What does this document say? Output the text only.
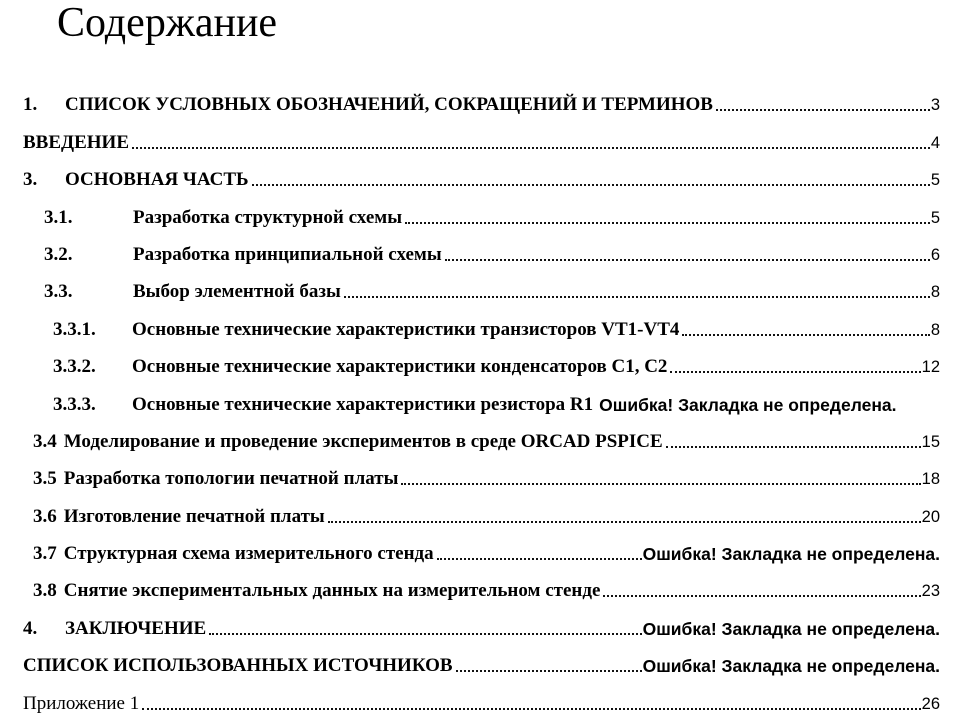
Содержание
1.	СПИСОК УСЛОВНЫХ ОБОЗНАЧЕНИЙ, СОКРАЩЕНИЙ И ТЕРМИНОВ	3
ВВЕДЕНИЕ	4
3.	ОСНОВНАЯ ЧАСТЬ	5
3.1.	Разработка структурной схемы	5
3.2.	Разработка принципиальной схемы	6
3.3.	Выбор элементной базы	8
3.3.1.	Основные технические характеристики транзисторов VT1-VT4	8
3.3.2.	Основные технические характеристики конденсаторов C1, C2	12
3.3.3.	Основные технические характеристики резистора R1 Ошибка! Закладка не определена.
3.4 Моделирование и проведение экспериментов в среде ORCAD PSPICE	15
3.5 Разработка топологии печатной платы	18
3.6 Изготовление печатной платы	20
3.7 Структурная схема измерительного стенда	Ошибка! Закладка не определена.
3.8 Снятие экспериментальных данных на измерительном стенде	23
4.	ЗАКЛЮЧЕНИЕ	Ошибка! Закладка не определена.
СПИСОК ИСПОЛЬЗОВАННЫХ ИСТОЧНИКОВ	Ошибка! Закладка не определена.
Приложение 1	26
